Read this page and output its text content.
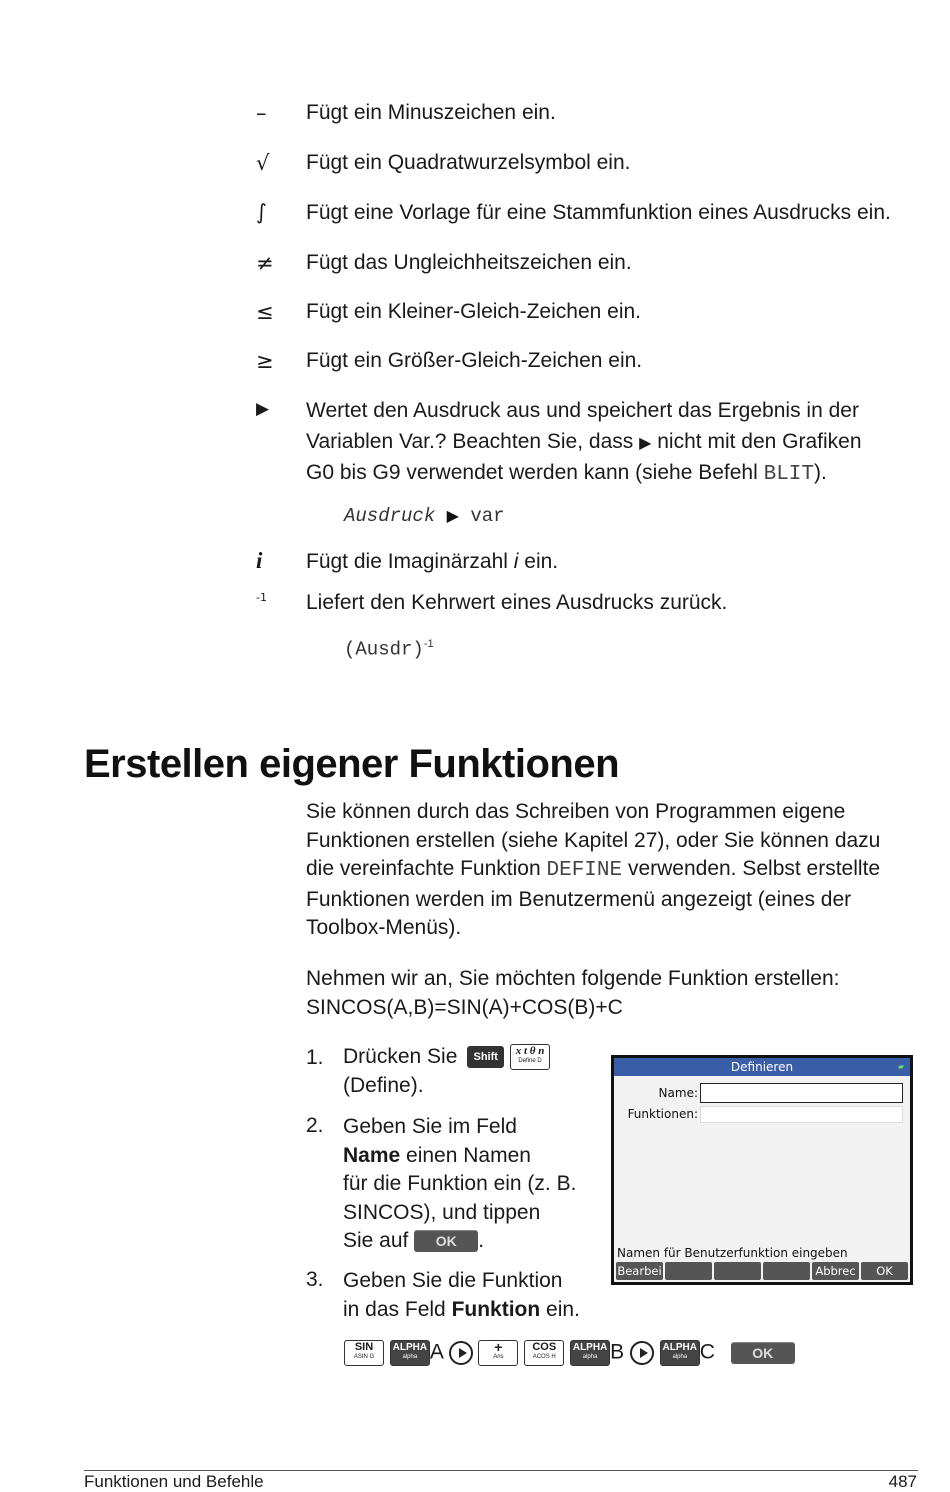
–	Fügt ein Minuszeichen ein.
√	Fügt ein Quadratwurzelsymbol ein.
∫	Fügt eine Vorlage für eine Stammfunktion eines Ausdrucks ein.
≠	Fügt das Ungleichheitszeichen ein.
≤	Fügt ein Kleiner-Gleich-Zeichen ein.
≥	Fügt ein Größer-Gleich-Zeichen ein.
▶	Wertet den Ausdruck aus und speichert das Ergebnis in der
Variablen Var.? Beachten Sie, dass ▶ nicht mit den Grafiken
G0 bis G9 verwendet werden kann (siehe Befehl BLIT).
Ausdruck ▶ var
i	Fügt die Imaginärzahl i ein.
-1	Liefert den Kehrwert eines Ausdrucks zurück.
(Ausdr)$^{-1}$
Erstellen eigener Funktionen
Sie können durch das Schreiben von Programmen eigene
Funktionen erstellen (siehe Kapitel 27), oder Sie können dazu
die vereinfachte Funktion DEFINE verwenden. Selbst erstellte
Funktionen werden im Benutzermenü angezeigt (eines der
Toolbox-Menüs).
Nehmen wir an, Sie möchten folgende Funktion erstellen:
SINCOS(A,B)=SIN(A)+COS(B)+C
1. Drücken Sie	Shift
	x t θ n
Define D
(Define).
2. Geben Sie im Feld
Name einen Namen
für die Funktion ein (z. B.
SINCOS), und tippen
Sie auf OK .
3. Geben Sie die Funktion
in das Feld Funktion ein.
SIN
ASIN G

ALPHA
alpha A	+
Ans

COS
ACOS H

ALPHA
alpha B	ALPHA
alpha C	OK
Definieren	▰
Name:
Funktionen:
Namen für Benutzerfunktion eingeben
Bearbei	Abbrec	OK
Funktionen und Befehle	487
